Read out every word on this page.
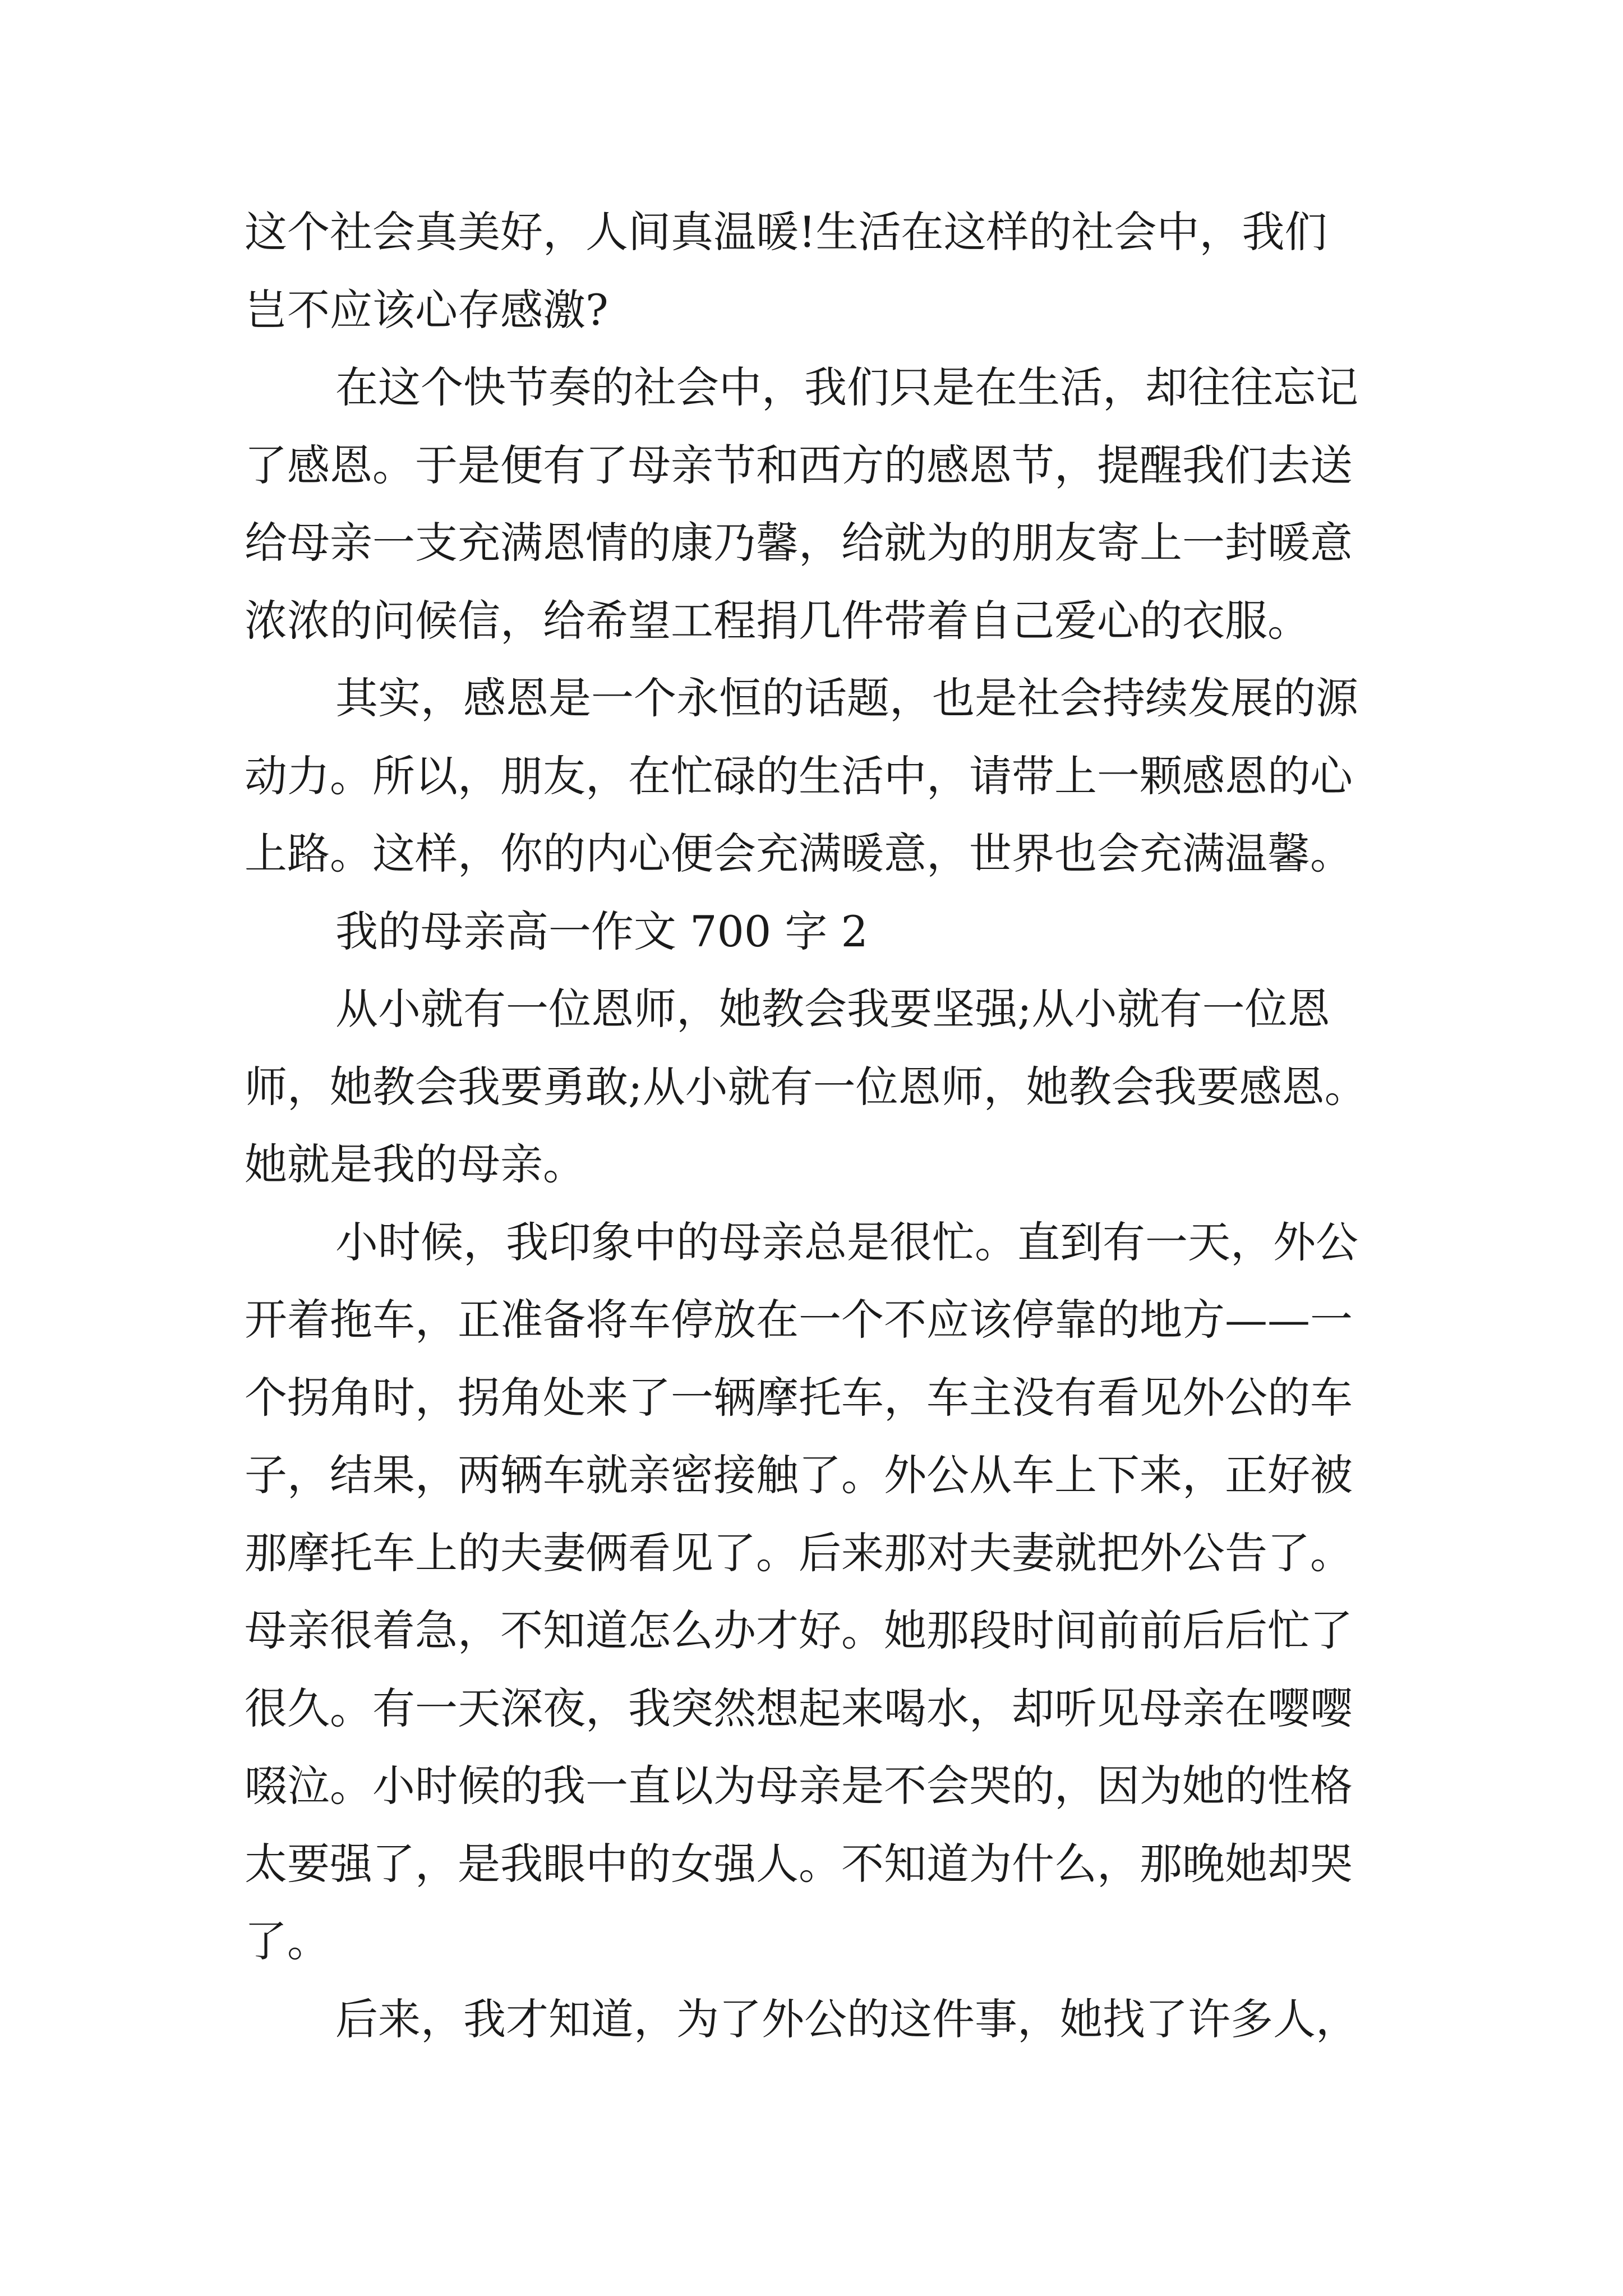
这个社会真美好，人间真温暖!生活在这样的社会中，我们
岂不应该心存感激?

在这个快节奏的社会中，我们只是在生活，却往往忘记
了感恩。于是便有了母亲节和西方的感恩节，提醒我们去送
给母亲一支充满恩情的康乃馨，给就为的朋友寄上一封暖意
浓浓的问候信，给希望工程捐几件带着自己爱心的衣服。

其实，感恩是一个永恒的话题，也是社会持续发展的源
动力。所以，朋友，在忙碌的生活中，请带上一颗感恩的心
上路。这样，你的内心便会充满暖意，世界也会充满温馨。

我的母亲高一作文 700 字 2

从小就有一位恩师，她教会我要坚强;从小就有一位恩
师，她教会我要勇敢;从小就有一位恩师，她教会我要感恩。
她就是我的母亲。

小时候，我印象中的母亲总是很忙。直到有一天，外公
开着拖车，正准备将车停放在一个不应该停靠的地方——一
个拐角时，拐角处来了一辆摩托车，车主没有看见外公的车
子，结果，两辆车就亲密接触了。外公从车上下来，正好被
那摩托车上的夫妻俩看见了。后来那对夫妻就把外公告了。
母亲很着急，不知道怎么办才好。她那段时间前前后后忙了
很久。有一天深夜，我突然想起来喝水，却听见母亲在嘤嘤
啜泣。小时候的我一直以为母亲是不会哭的，因为她的性格
太要强了，是我眼中的女强人。不知道为什么，那晚她却哭
了。

后来，我才知道，为了外公的这件事，她找了许多人，
